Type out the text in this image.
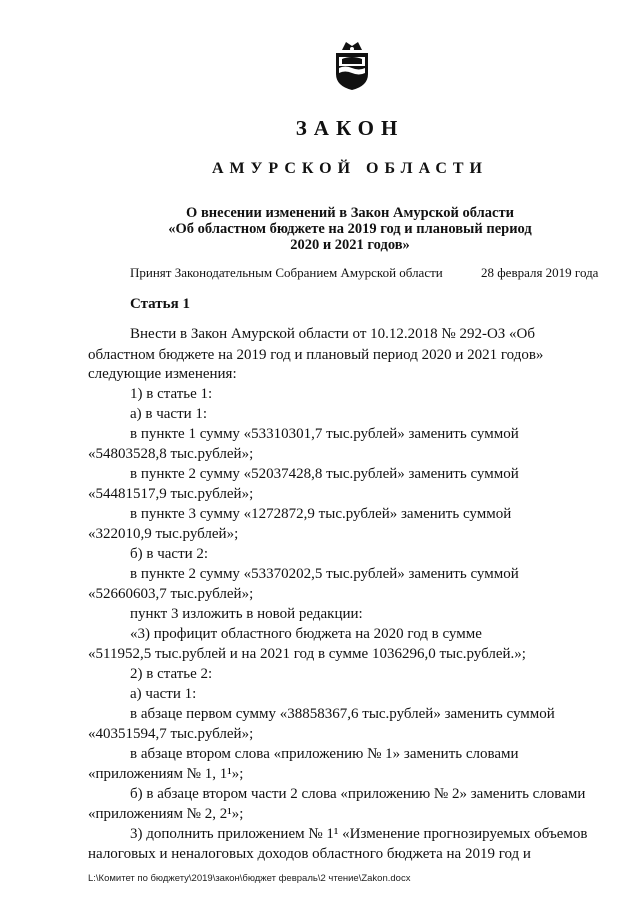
ЗАКОН
АМУРСКОЙ ОБЛАСТИ
О внесении изменений в Закон Амурской области
«Об областном бюджете на 2019 год и плановый период
2020 и 2021 годов»
Принят Законодательным Собранием Амурской области	28 февраля 2019 года
Статья 1
Внести в Закон Амурской области от 10.12.2018 № 292-ОЗ «Об
областном бюджете на 2019 год и плановый период 2020 и 2021 годов»
следующие изменения:
1) в статье 1:
а) в части 1:
в пункте 1 сумму «53310301,7 тыс.рублей» заменить суммой
«54803528,8 тыс.рублей»;
в пункте 2 сумму «52037428,8 тыс.рублей» заменить суммой
«54481517,9 тыс.рублей»;
в пункте 3 сумму «1272872,9 тыс.рублей» заменить суммой
«322010,9 тыс.рублей»;
б) в части 2:
в пункте 2 сумму «53370202,5 тыс.рублей» заменить суммой
«52660603,7 тыс.рублей»;
пункт 3 изложить в новой редакции:
«3) профицит областного бюджета на 2020 год в сумме
«511952,5 тыс.рублей и на 2021 год в сумме 1036296,0 тыс.рублей.»;
2) в статье 2:
а) части 1:
в абзаце первом сумму «38858367,6 тыс.рублей» заменить суммой
«40351594,7 тыс.рублей»;
в абзаце втором слова «приложению № 1» заменить словами
«приложениям № 1, 1¹»;
б) в абзаце втором части 2 слова «приложению № 2» заменить словами
«приложениям № 2, 2¹»;
3) дополнить приложением № 1¹ «Изменение прогнозируемых объемов
налоговых и неналоговых доходов областного бюджета на 2019 год и
L:\Комитет по бюджету\2019\закон\бюджет февраль\2 чтение\Zakon.docx
